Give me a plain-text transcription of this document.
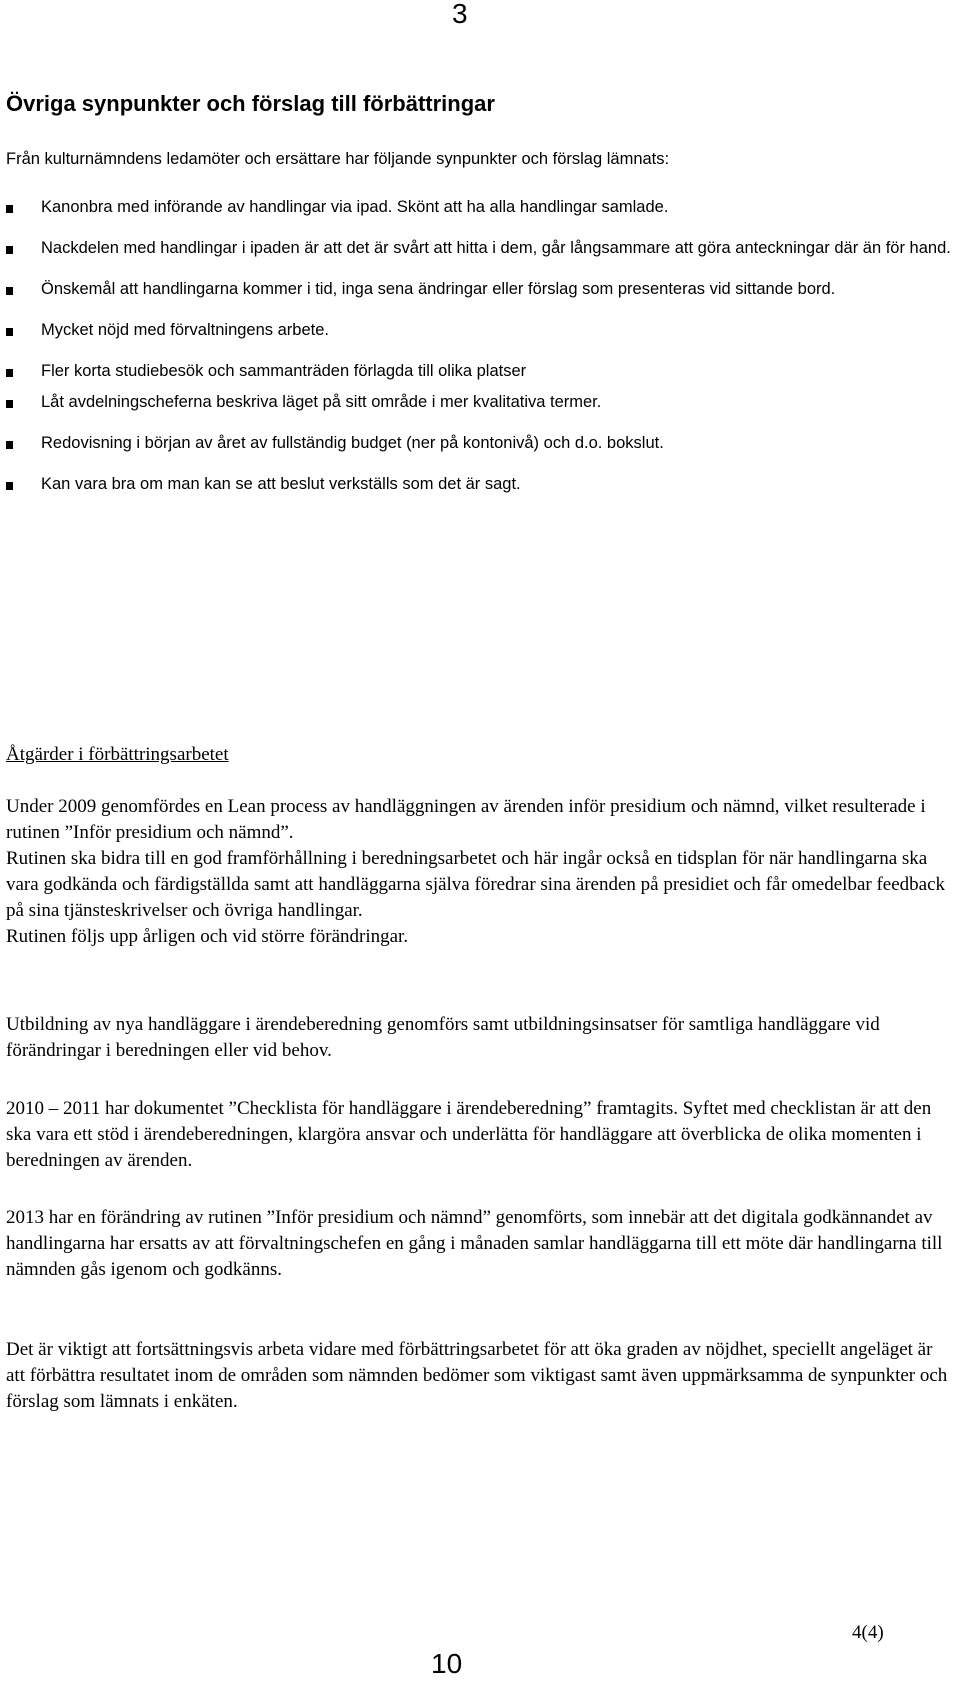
3
Övriga synpunkter och förslag till förbättringar

Från kulturnämndens ledamöter och ersättare har följande synpunkter och förslag lämnats:

Kanonbra med införande av handlingar via ipad. Skönt att ha alla handlingar samlade.
Nackdelen med handlingar i ipaden är att det är svårt att hitta i dem, går långsammare att göra anteckningar där än för hand.
Önskemål att handlingarna kommer i tid, inga sena ändringar eller förslag som presenteras vid sittande bord.
Mycket nöjd med förvaltningens arbete.
Fler korta studiebesök och sammanträden förlagda till olika platser
Låt avdelningscheferna beskriva läget på sitt område i mer kvalitativa termer.
Redovisning i början av året av fullständig budget (ner på kontonivå) och d.o. bokslut.
Kan vara bra om man kan se att beslut verkställs som det är sagt.
Åtgärder i förbättringsarbetet

Under 2009 genomfördes en Lean process av handläggningen av ärenden inför presidium och nämnd, vilket resulterade i rutinen ”Inför presidium och nämnd”.

Rutinen ska bidra till en god framförhållning i beredningsarbetet och här ingår också en tidsplan för när handlingarna ska vara godkända och färdigställda samt att handläggarna själva föredrar sina ärenden på presidiet och får omedelbar feedback på sina tjänsteskrivelser och övriga handlingar.

Rutinen följs upp årligen och vid större förändringar.

Utbildning av nya handläggare i ärendeberedning genomförs samt utbildningsinsatser för samtliga handläggare vid förändringar i beredningen eller vid behov.

2010 – 2011 har dokumentet ”Checklista för handläggare i ärendeberedning” framtagits. Syftet med checklistan är att den ska vara ett stöd i ärendeberedningen, klargöra ansvar och underlätta för handläggare att överblicka de olika momenten i beredningen av ärenden.

2013 har en förändring av rutinen ”Inför presidium och nämnd” genomförts, som innebär att det digitala godkännandet av handlingarna har ersatts av att förvaltningschefen en gång i månaden samlar handläggarna till ett möte där handlingarna till nämnden gås igenom och godkänns.

Det är viktigt att fortsättningsvis arbeta vidare med förbättringsarbetet för att öka graden av nöjdhet, speciellt angeläget är att förbättra resultatet inom de områden som nämnden bedömer som viktigast samt även uppmärksamma de synpunkter och förslag som lämnats i enkäten.

4(4)
10
